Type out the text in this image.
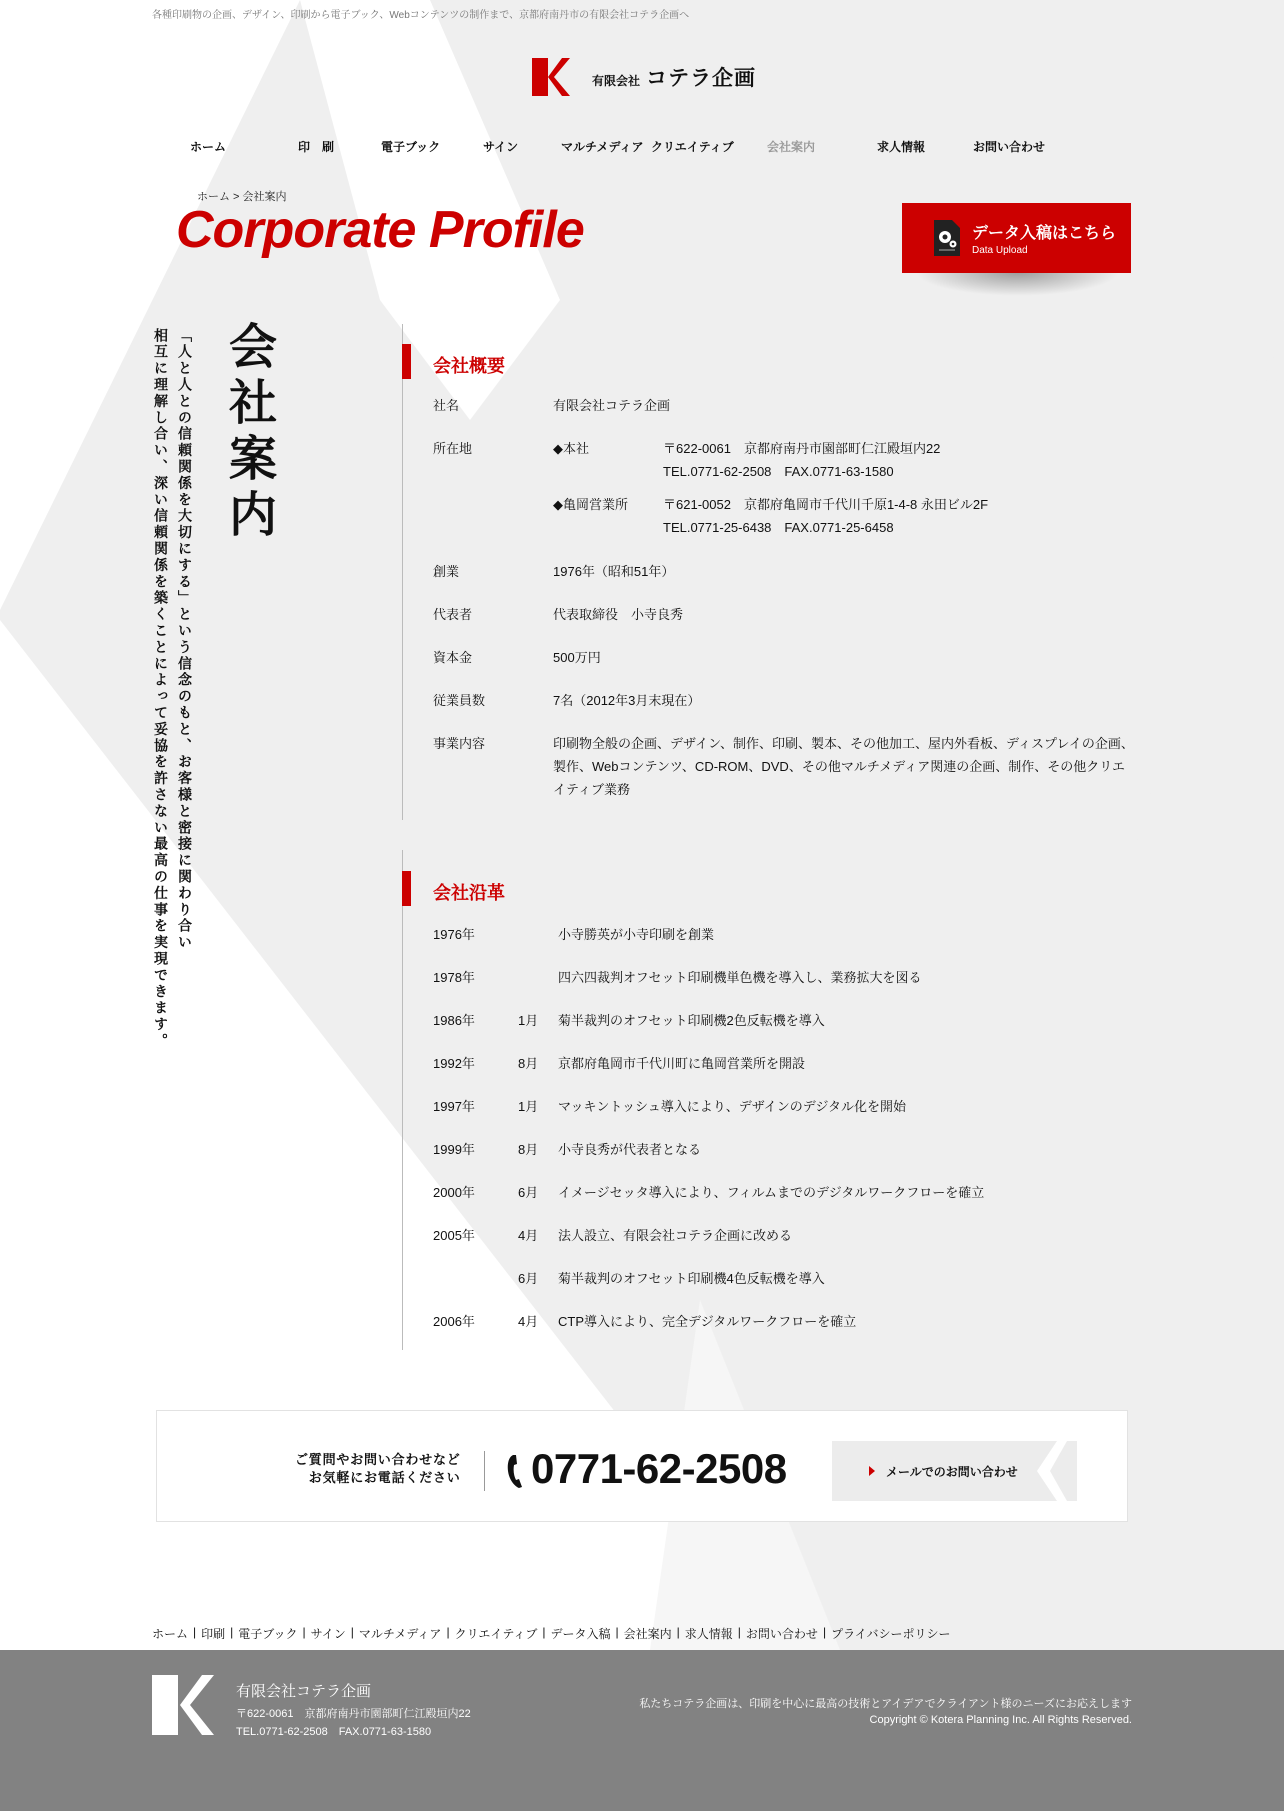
各種印刷物の企画、デザイン、印刷から電子ブック、Webコンテンツの制作まで、京都府南丹市の有限会社コテラ企画へ
有限会社 コテラ企画
ホーム	印　刷	電子ブック	サイン	マルチメディア クリエイティブ	会社案内	求人情報	お問い合わせ
ホーム > 会社案内
Corporate Profile	データ入稿はこちら
Data Upload
会
社
案
内
「人と人との信頼関係を大切にする」という信念のもと、お客様と密接に関わり合い
相互に理解し合い、深い信頼関係を築くことによって妥協を許さない最高の仕事を実現できます。	会社概要
社名	有限会社コテラ企画
所在地	◆本社	〒622-0061　京都府南丹市園部町仁江殿垣内22
TEL.0771-62-2508　FAX.0771-63-1580
◆亀岡営業所	〒621-0052　京都府亀岡市千代川千原1-4-8 永田ビル2F
TEL.0771-25-6438　FAX.0771-25-6458
創業	1976年（昭和51年）
代表者	代表取締役　小寺良秀
資本金	500万円
従業員数	7名（2012年3月末現在）
事業内容	印刷物全般の企画、デザイン、制作、印刷、製本、その他加工、屋内外看板、ディスプレイの企画、製作、Webコンテンツ、CD-ROM、DVD、その他マルチメディア関連の企画、制作、その他クリエイティブ業務
会社沿革
1976年	小寺勝英が小寺印刷を創業
1978年	四六四裁判オフセット印刷機単色機を導入し、業務拡大を図る
1986年	1月 菊半裁判のオフセット印刷機2色反転機を導入
1992年	8月 京都府亀岡市千代川町に亀岡営業所を開設
1997年	1月 マッキントッシュ導入により、デザインのデジタル化を開始
1999年	8月 小寺良秀が代表者となる
2000年	6月 イメージセッタ導入により、フィルムまでのデジタルワークフローを確立
2005年	4月 法人設立、有限会社コテラ企画に改める
6月 菊半裁判のオフセット印刷機4色反転機を導入
2006年	4月 CTP導入により、完全デジタルワークフローを確立
ご質問やお問い合わせなど
お気軽にお電話ください 0771-62-2508	メールでのお問い合わせ
ホーム | 印刷 | 電子ブック | サイン | マルチメディア | クリエイティブ | データ入稿 | 会社案内 | 求人情報 | お問い合わせ | プライバシーポリシー
有限会社コテラ企画
〒622-0061　京都府南丹市園部町仁江殿垣内22
TEL.0771-62-2508　FAX.0771-63-1580
私たちコテラ企画は、印刷を中心に最高の技術とアイデアでクライアント様のニーズにお応えします
Copyright © Kotera Planning Inc. All Rights Reserved.
